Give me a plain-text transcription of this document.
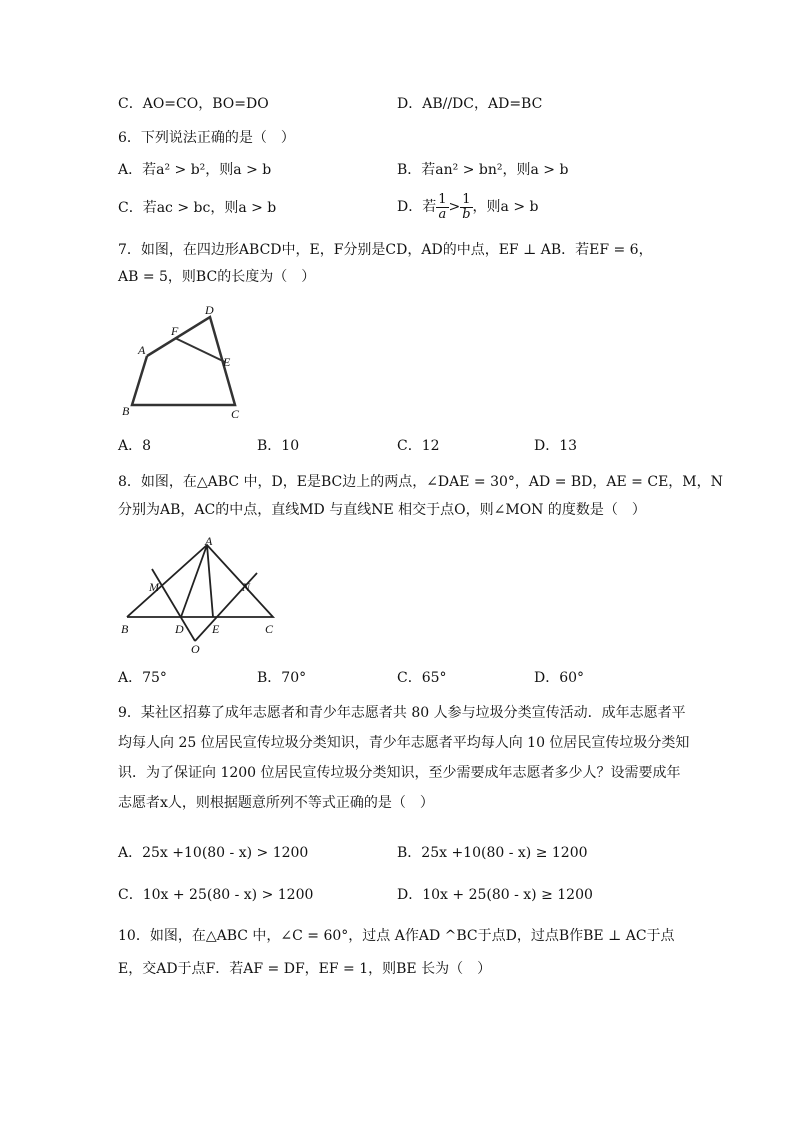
C．AO=CO，BO=DO	D．AB//DC，AD=BC
6．下列说法正确的是（　）
A．若a² > b²，则a > b	B．若an² > bn²，则a > b
C．若ac > bc，则a > b	D．若 $\frac{1}{a} > \frac{1}{b}$ ，则a > b
7．如图，在四边形ABCD中，E，F分别是CD，AD的中点，EF ⊥ AB．若EF = 6，
AB = 5，则BC的长度为（　）
A
B	C
D
E
F
A．8	B．10	C．12	D．13
8．如图，在△ABC 中，D，E是BC边上的两点，∠DAE = 30°，AD = BD，AE = CE，M，N
分别为AB，AC的中点，直线MD 与直线NE 相交于点O，则∠MON 的度数是（　）
A
B	C
D E
M	N
O
A．75°	B．70°	C．65°	D．60°
9．某社区招募了成年志愿者和青少年志愿者共 80 人参与垃圾分类宣传活动．成年志愿者平
均每人向 25 位居民宣传垃圾分类知识，青少年志愿者平均每人向 10 位居民宣传垃圾分类知
识．为了保证向 1200 位居民宣传垃圾分类知识，至少需要成年志愿者多少人？设需要成年
志愿者x人，则根据题意所列不等式正确的是（　）
A．25x +10(80 - x) > 1200	B．25x +10(80 - x) ≥ 1200
C．10x + 25(80 - x) > 1200	D．10x + 25(80 - x) ≥ 1200
10．如图，在△ABC 中，∠C = 60°，过点 A作AD ^BC于点D，过点B作BE ⊥ AC于点
E，交AD于点F．若AF = DF，EF = 1，则BE 长为（　）
